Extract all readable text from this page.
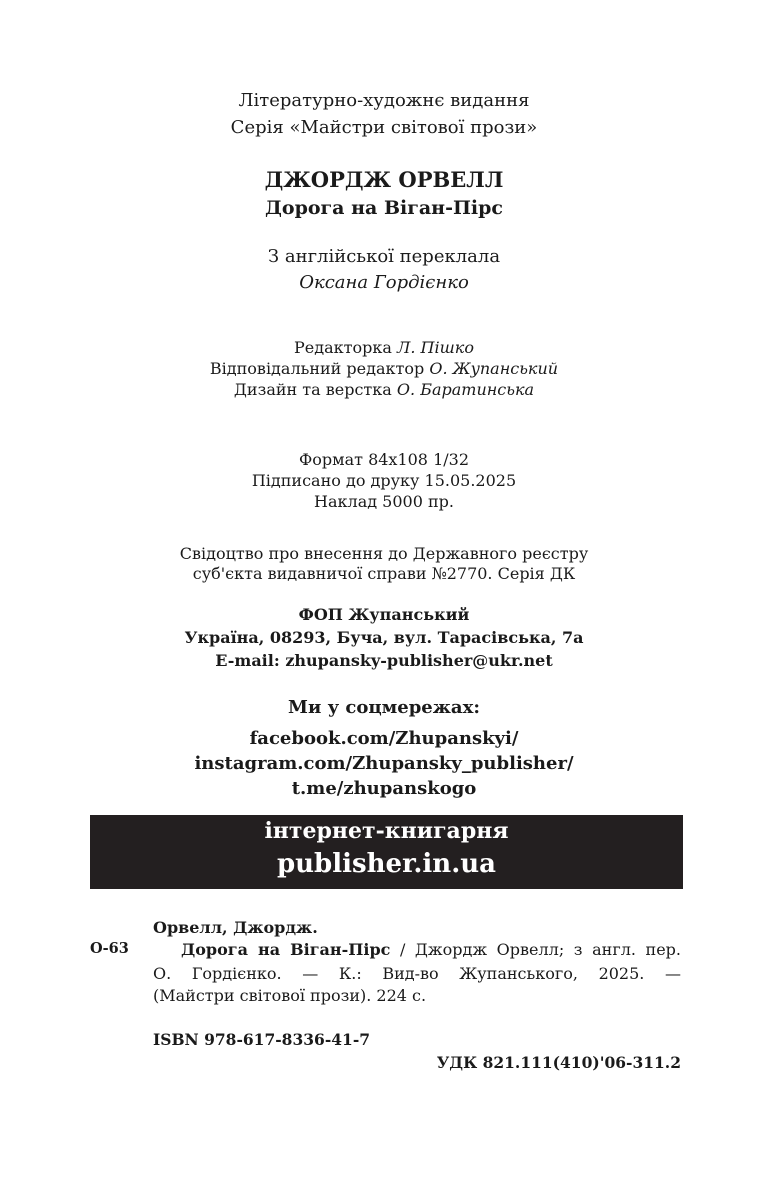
Літературно-художнє видання
Серія «Майстри світової прози»
ДЖОРДЖ ОРВЕЛЛ
Дорога на Віган-Пірс
З англійської переклала
Оксана Гордієнко
Редакторка Л. Пішко
Відповідальний редактор О. Жупанський
Дизайн та верстка О. Баратинська
Формат 84x108 1/32
Підписано до друку 15.05.2025
Наклад 5000 пр.
Свідоцтво про внесення до Державного реєстру
суб'єкта видавничої справи №2770. Серія ДК
ФОП Жупанський
Україна, 08293, Буча, вул. Тарасівська, 7а
E-mail: zhupansky-publisher@ukr.net
Ми у соцмережах:
facebook.com/Zhupanskyi/
instagram.com/Zhupansky_publisher/
t.me/zhupanskogo
інтернет-книгарня
publisher.in.ua
Орвелл, Джордж.
О-63	Дорога на Віган-Пірс / Джордж Орвелл; з англ. пер.
О. Гордієнко. — К.: Вид-во Жупанського, 2025. —
(Майстри світової прози). 224 с.
ISBN 978-617-8336-41-7
УДК 821.111(410)'06-311.2
